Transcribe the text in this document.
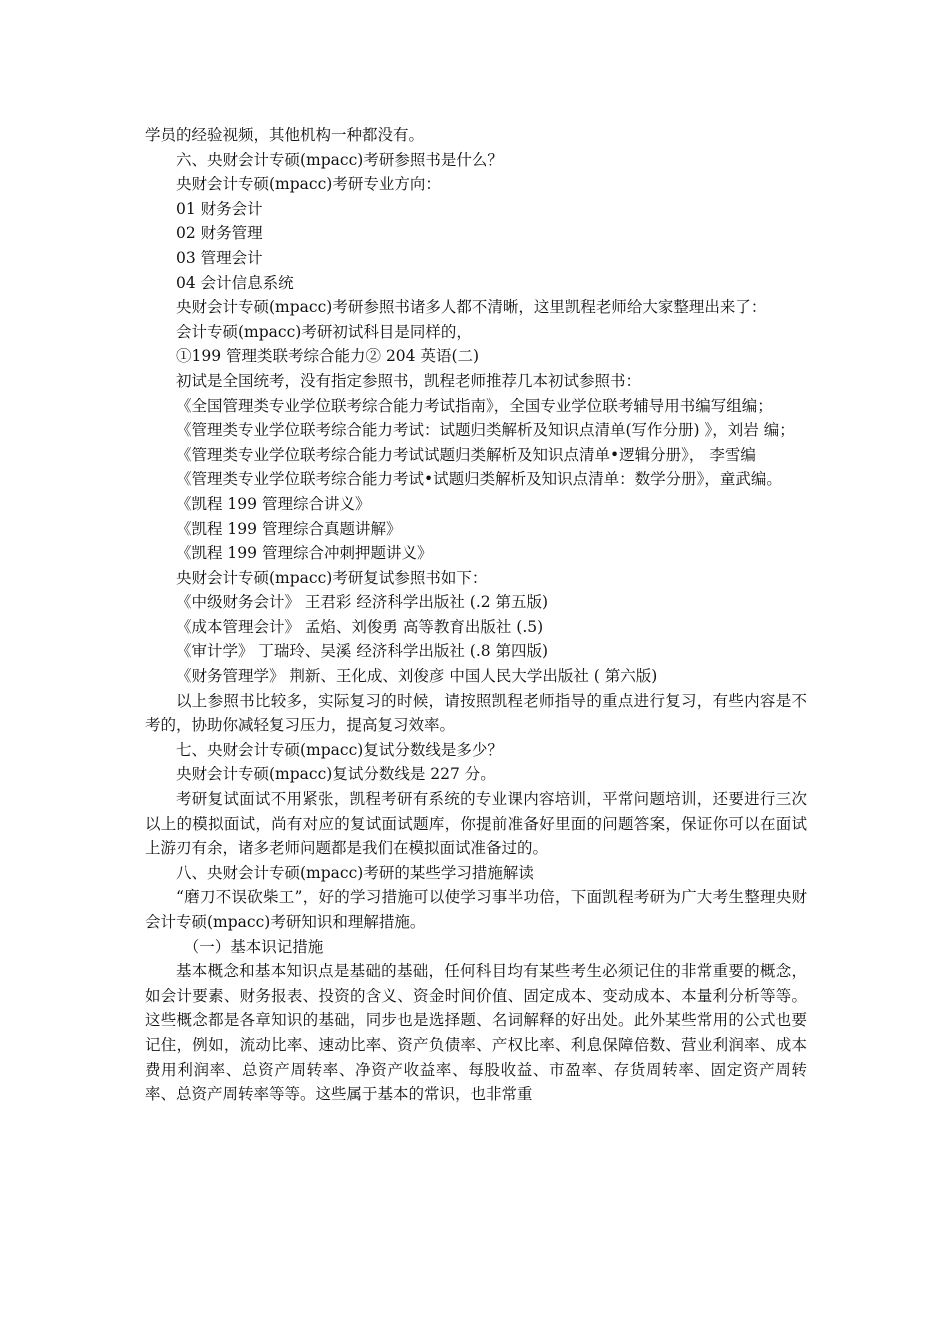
学员的经验视频，其他机构一种都没有。

六、央财会计专硕(mpacc)考研参照书是什么？

央财会计专硕(mpacc)考研专业方向：

01 财务会计

02 财务管理

03 管理会计

04 会计信息系统

央财会计专硕(mpacc)考研参照书诸多人都不清晰，这里凯程老师给大家整理出来了：

会计专硕(mpacc)考研初试科目是同样的，

①199 管理类联考综合能力② 204 英语(二)

初试是全国统考，没有指定参照书，凯程老师推荐几本初试参照书：

《全国管理类专业学位联考综合能力考试指南》，全国专业学位联考辅导用书编写组编；

《管理类专业学位联考综合能力考试：试题归类解析及知识点清单(写作分册) 》，刘岩 编；

《管理类专业学位联考综合能力考试试题归类解析及知识点清单•逻辑分册》， 李雪编

《管理类专业学位联考综合能力考试•试题归类解析及知识点清单：数学分册》，童武编。

《凯程 199 管理综合讲义》

《凯程 199 管理综合真题讲解》

《凯程 199 管理综合冲刺押题讲义》

央财会计专硕(mpacc)考研复试参照书如下：

《中级财务会计》 王君彩 经济科学出版社 (.2 第五版)

《成本管理会计》 孟焰、刘俊勇 高等教育出版社 (.5)

《审计学》 丁瑞玲、吴溪 经济科学出版社 (.8 第四版)

《财务管理学》 荆新、王化成、刘俊彦 中国人民大学出版社 ( 第六版)

以上参照书比较多，实际复习的时候，请按照凯程老师指导的重点进行复习，有些内容是不考的，协助你减轻复习压力，提高复习效率。

七、央财会计专硕(mpacc)复试分数线是多少？

央财会计专硕(mpacc)复试分数线是 227 分。

考研复试面试不用紧张，凯程考研有系统的专业课内容培训，平常问题培训，还要进行三次以上的模拟面试，尚有对应的复试面试题库，你提前准备好里面的问题答案，保证你可以在面试上游刃有余，诸多老师问题都是我们在模拟面试准备过的。

八、央财会计专硕(mpacc)考研的某些学习措施解读

“磨刀不误砍柴工”，好的学习措施可以使学习事半功倍，下面凯程考研为广大考生整理央财会计专硕(mpacc)考研知识和理解措施。

（一）基本识记措施

基本概念和基本知识点是基础的基础，任何科目均有某些考生必须记住的非常重要的概念，如会计要素、财务报表、投资的含义、资金时间价值、固定成本、变动成本、本量利分析等等。这些概念都是各章知识的基础，同步也是选择题、名词解释的好出处。此外某些常用的公式也要记住，例如，流动比率、速动比率、资产负债率、产权比率、利息保障倍数、营业利润率、成本费用利润率、总资产周转率、净资产收益率、每股收益、市盈率、存货周转率、固定资产周转率、总资产周转率等等。这些属于基本的常识，也非常重
